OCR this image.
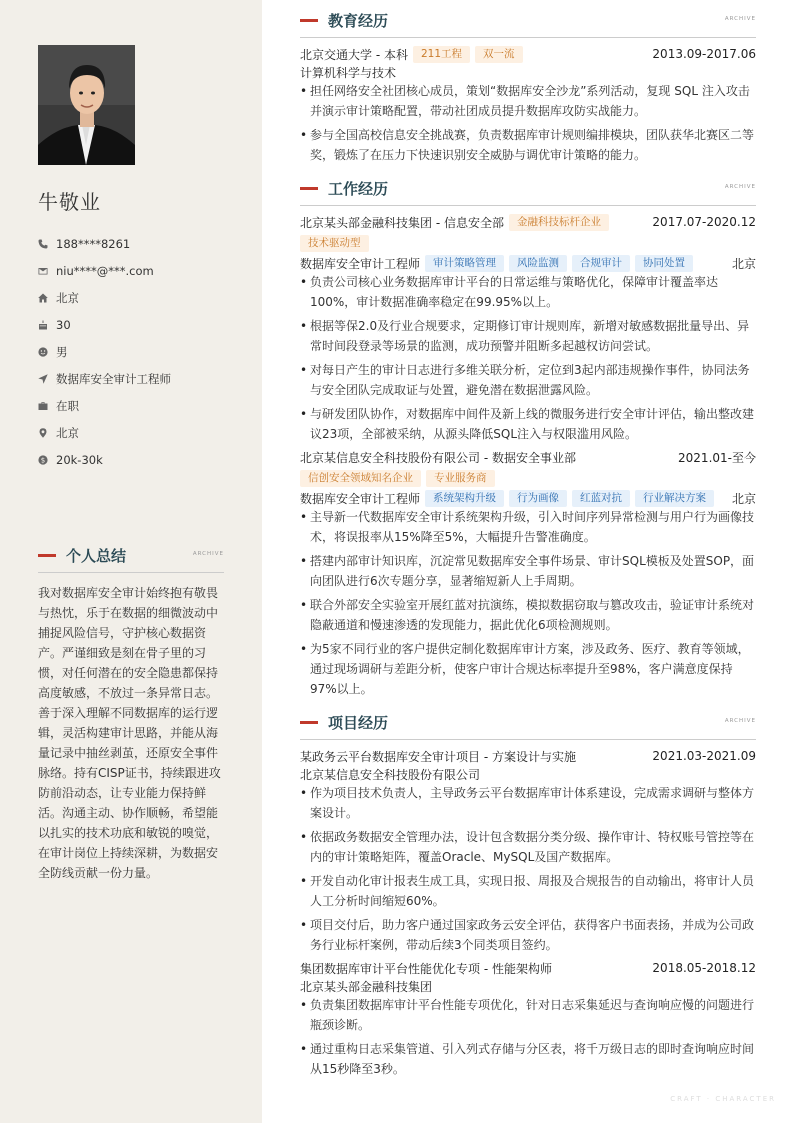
牛敬业
188****8261
niu****@***.com
北京
30
男
数据库安全审计工程师
在职
北京
$ 20k-30k
个人总结	ARCHIVE

我对数据库安全审计始终抱有敬畏与热忱，乐于在数据的细微波动中捕捉风险信号，守护核心数据资产。严谨细致是刻在骨子里的习惯，对任何潜在的安全隐患都保持高度敏感，不放过一条异常日志。善于深入理解不同数据库的运行逻辑，灵活构建审计思路，并能从海量记录中抽丝剥茧，还原安全事件脉络。持有CISP证书，持续跟进攻防前沿动态，让专业能力保持鲜活。沟通主动、协作顺畅，希望能以扎实的技术功底和敏锐的嗅觉，在审计岗位上持续深耕，为数据安全防线贡献一份力量。

教育经历	ARCHIVE
北京交通大学 - 本科	211工程	双一流	2013.09-2017.06
计算机科学与技术
• 担任网络安全社团核心成员，策划“数据库安全沙龙”系列活动，复现 SQL 注入攻击并演示审计策略配置，带动社团成员提升数据库攻防实战能力。
• 参与全国高校信息安全挑战赛，负责数据库审计规则编排模块，团队获华北赛区二等奖，锻炼了在压力下快速识别安全威胁与调优审计策略的能力。
工作经历	ARCHIVE
北京某头部金融科技集团 - 信息安全部	金融科技标杆企业	2017.07-2020.12
技术驱动型
数据库安全审计工程师	审计策略管理	风险监测	合规审计	协同处置	北京
• 负责公司核心业务数据库审计平台的日常运维与策略优化，保障审计覆盖率达100%，审计数据准确率稳定在99.95%以上。
• 根据等保2.0及行业合规要求，定期修订审计规则库，新增对敏感数据批量导出、异常时间段登录等场景的监测，成功预警并阻断多起越权访问尝试。
• 对每日产生的审计日志进行多维关联分析，定位到3起内部违规操作事件，协同法务与安全团队完成取证与处置，避免潜在数据泄露风险。
• 与研发团队协作，对数据库中间件及新上线的微服务进行安全审计评估，输出整改建议23项，全部被采纳，从源头降低SQL注入与权限滥用风险。
北京某信息安全科技股份有限公司 - 数据安全事业部	2021.01-至今
信创安全领域知名企业	专业服务商
数据库安全审计工程师	系统架构升级	行为画像	红蓝对抗	行业解决方案	北京
• 主导新一代数据库安全审计系统架构升级，引入时间序列异常检测与用户行为画像技术，将误报率从15%降至5%，大幅提升告警准确度。
• 搭建内部审计知识库，沉淀常见数据库安全事件场景、审计SQL模板及处置SOP，面向团队进行6次专题分享，显著缩短新人上手周期。
• 联合外部安全实验室开展红蓝对抗演练，模拟数据窃取与篡改攻击，验证审计系统对隐蔽通道和慢速渗透的发现能力，据此优化6项检测规则。
• 为5家不同行业的客户提供定制化数据库审计方案，涉及政务、医疗、教育等领域，通过现场调研与差距分析，使客户审计合规达标率提升至98%，客户满意度保持97%以上。
项目经历	ARCHIVE
某政务云平台数据库安全审计项目 - 方案设计与实施	2021.03-2021.09
北京某信息安全科技股份有限公司
• 作为项目技术负责人，主导政务云平台数据库审计体系建设，完成需求调研与整体方案设计。
• 依据政务数据安全管理办法，设计包含数据分类分级、操作审计、特权账号管控等在内的审计策略矩阵，覆盖Oracle、MySQL及国产数据库。
• 开发自动化审计报表生成工具，实现日报、周报及合规报告的自动输出，将审计人员人工分析时间缩短60%。
• 项目交付后，助力客户通过国家政务云安全评估，获得客户书面表扬，并成为公司政务行业标杆案例，带动后续3个同类项目签约。
集团数据库审计平台性能优化专项 - 性能架构师	2018.05-2018.12
北京某头部金融科技集团
• 负责集团数据库审计平台性能专项优化，针对日志采集延迟与查询响应慢的问题进行瓶颈诊断。
• 通过重构日志采集管道、引入列式存储与分区表，将千万级日志的即时查询响应时间从15秒降至3秒。
CRAFT · CHARACTER
